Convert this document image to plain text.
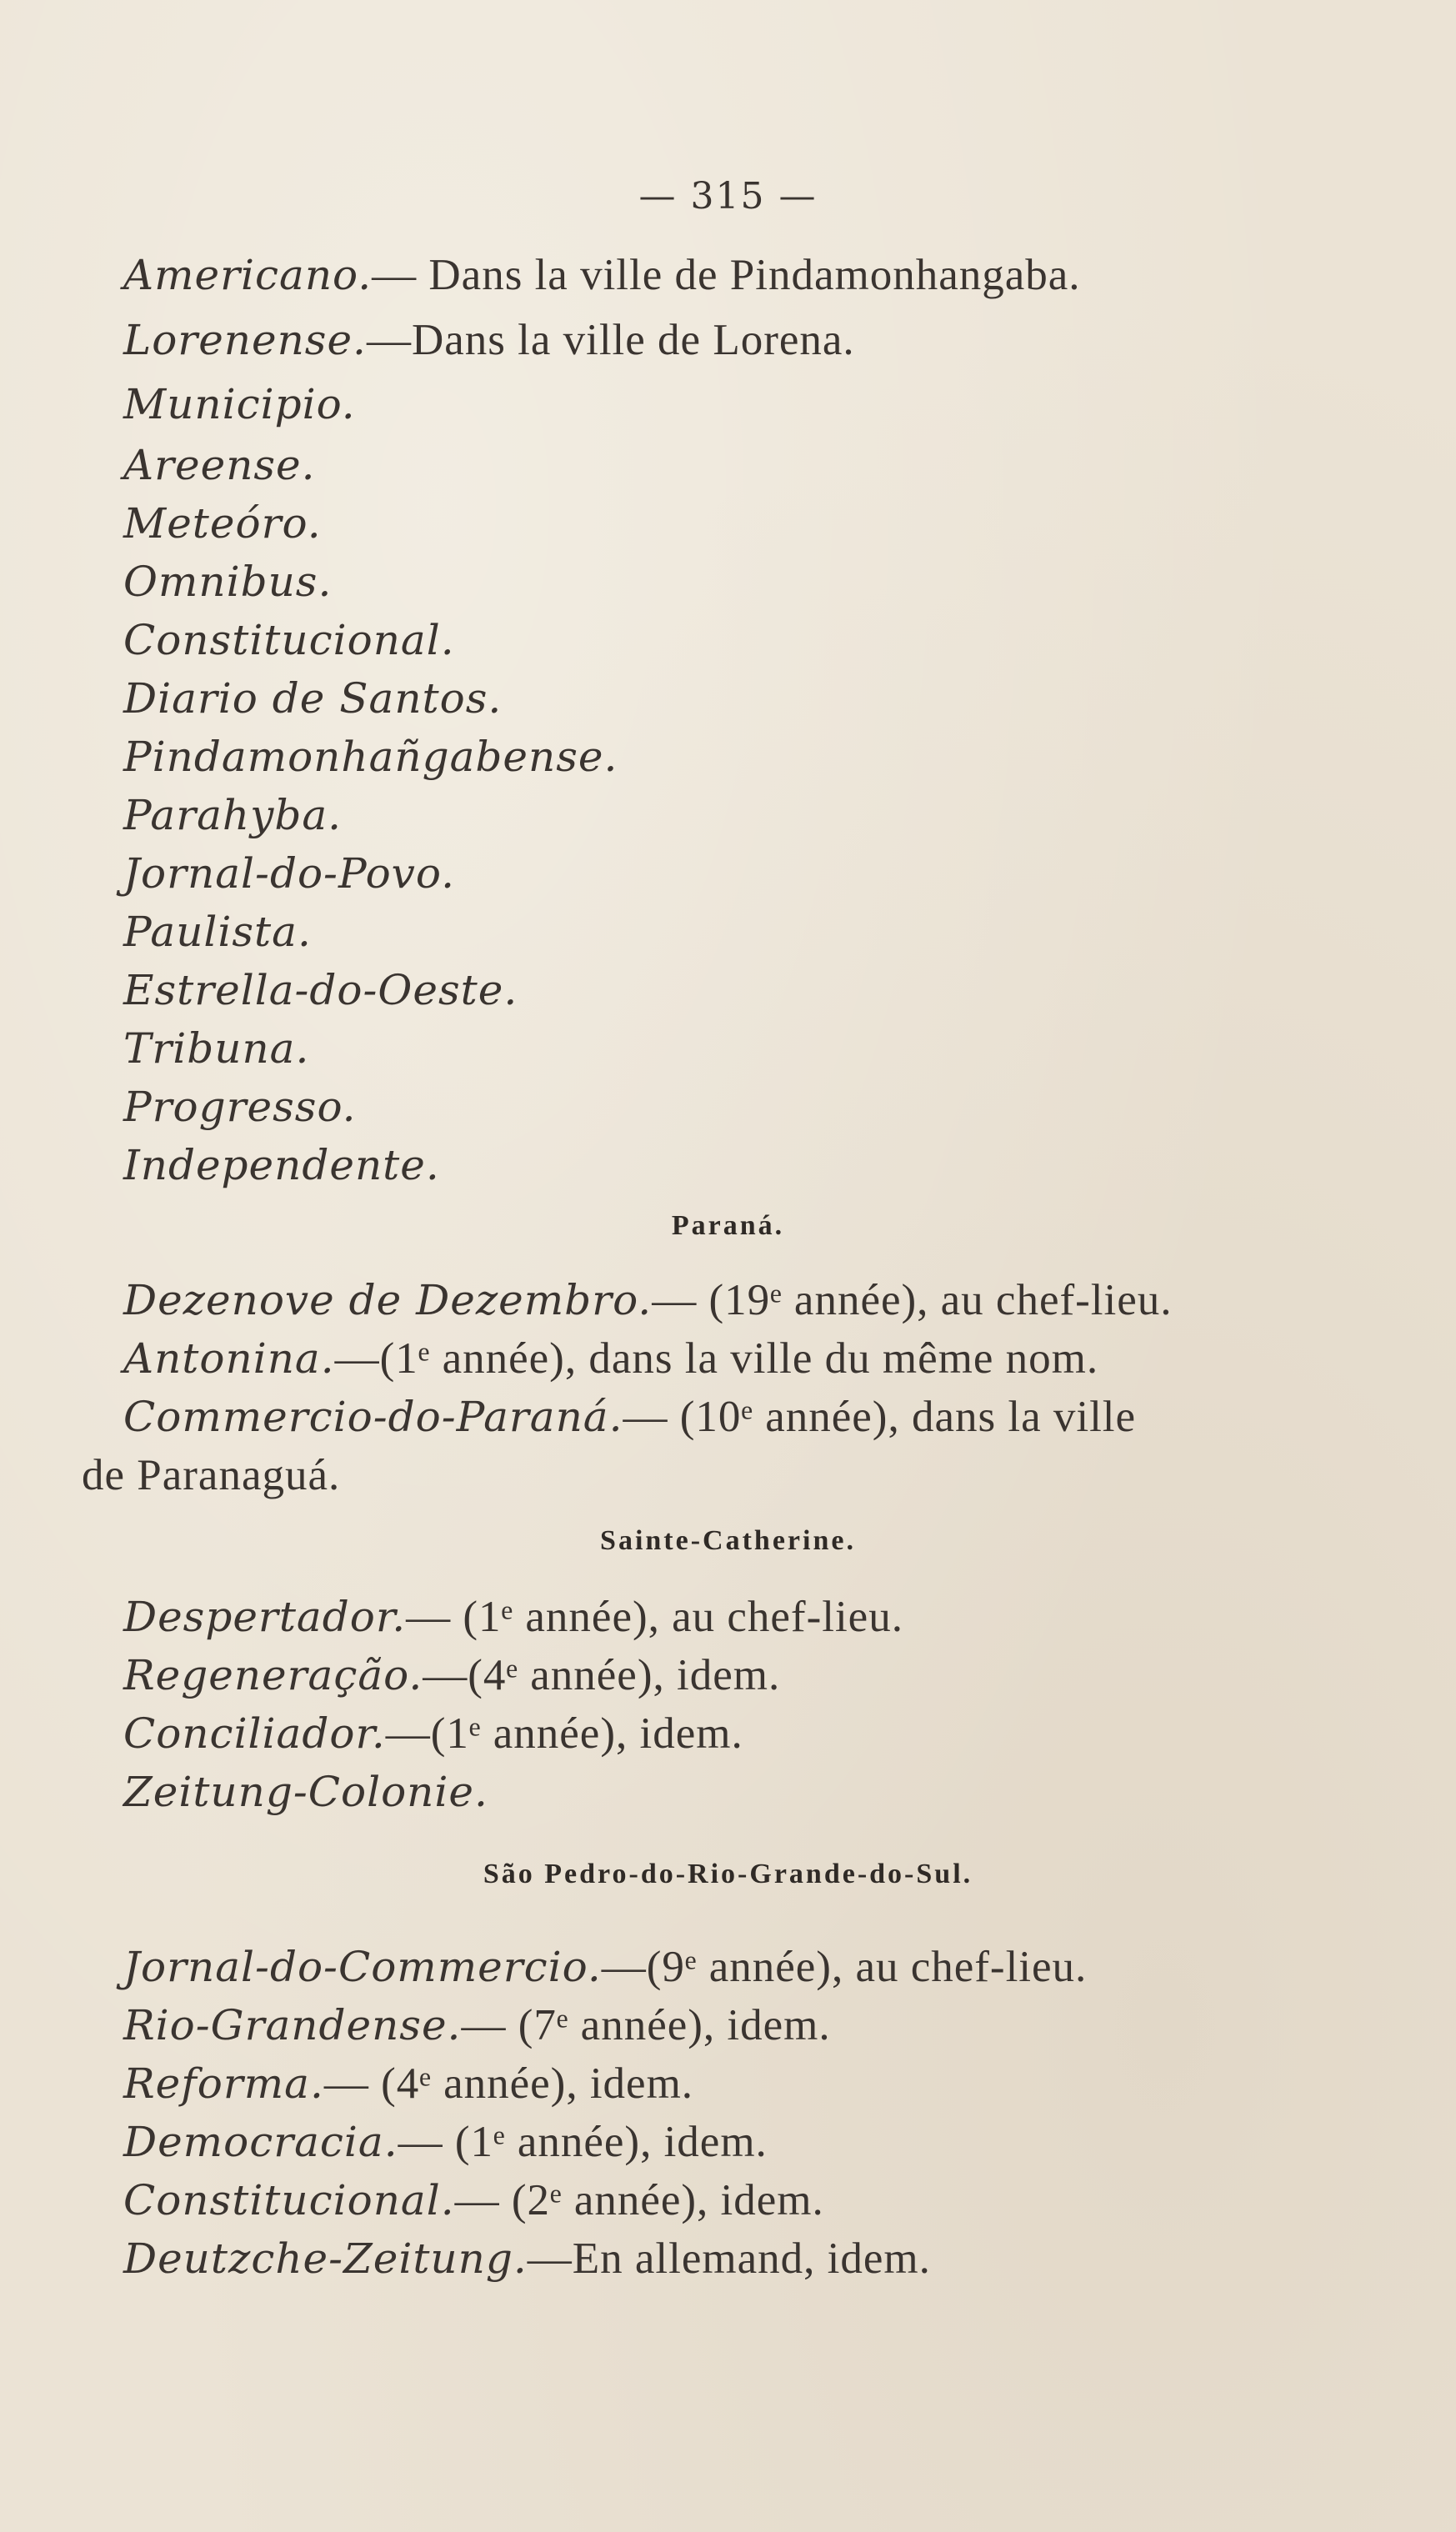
— 315 —
Americano.— Dans la ville de Pindamonhangaba.
Lorenense.—Dans la ville de Lorena.
Municipio.
Areense.
Meteóro.
Omnibus.
Constitucional.
Diario de Santos.
Pindamonhañgabense.
Parahyba.
Jornal-do-Povo.
Paulista.
Estrella-do-Oeste.
Tribuna.
Progresso.
Independente.
Paraná.
Dezenove de Dezembro.— (19ᵉ année), au chef-lieu.
Antonina.—(1ᵉ année), dans la ville du même nom.
Commercio-do-Paraná.— (10ᵉ année), dans la ville
de Paranaguá.
Sainte-Catherine.
Despertador.— (1ᵉ année), au chef-lieu.
Regeneração.—(4ᵉ année), idem.
Conciliador.—(1ᵉ année), idem.
Zeitung-Colonie.
São Pedro-do-Rio-Grande-do-Sul.
Jornal-do-Commercio.—(9ᵉ année), au chef-lieu.
Rio-Grandense.— (7ᵉ année), idem.
Reforma.— (4ᵉ année), idem.
Democracia.— (1ᵉ année), idem.
Constitucional.— (2ᵉ année), idem.
Deutzche-Zeitung.—En allemand, idem.
